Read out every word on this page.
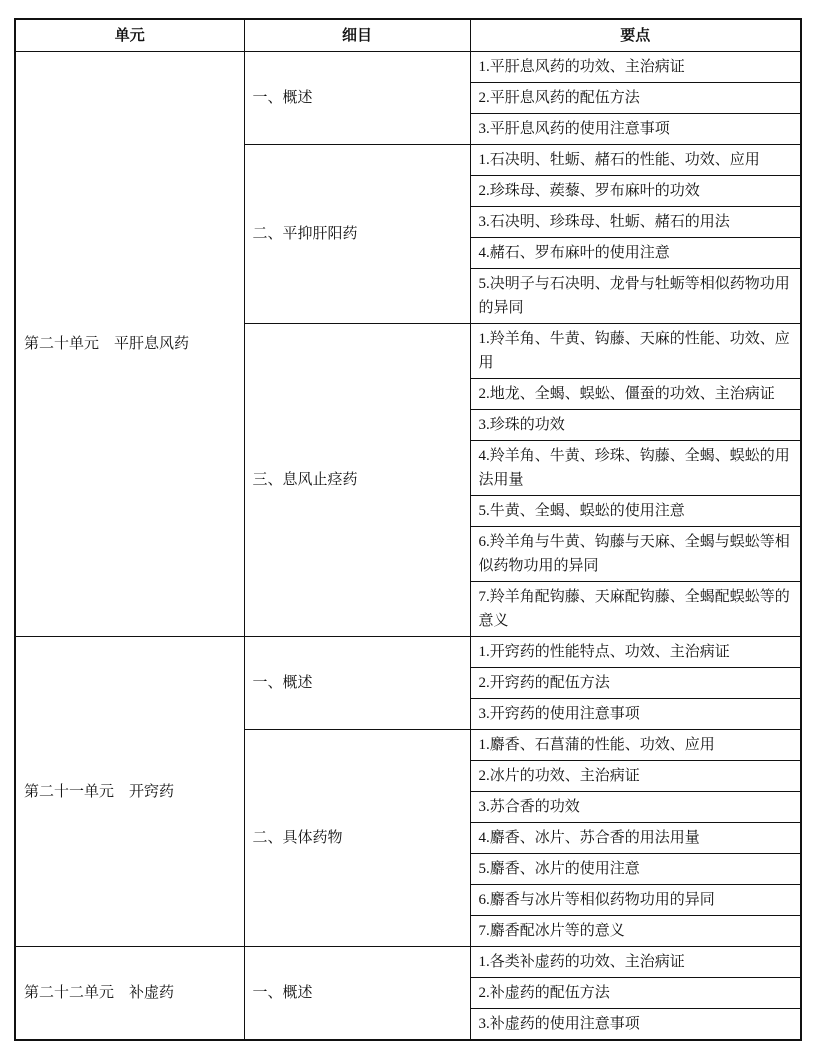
单元	细目	要点
第二十单元　平肝息风药	一、概述	1.平肝息风药的功效、主治病证
		2.平肝息风药的配伍方法
		3.平肝息风药的使用注意事项
	二、平抑肝阳药	1.石决明、牡蛎、赭石的性能、功效、应用
		2.珍珠母、蒺藜、罗布麻叶的功效
		3.石决明、珍珠母、牡蛎、赭石的用法
		4.赭石、罗布麻叶的使用注意
		5.决明子与石决明、龙骨与牡蛎等相似药物功用的异同
	三、息风止痉药	1.羚羊角、牛黄、钩藤、天麻的性能、功效、应用
		2.地龙、全蝎、蜈蚣、僵蚕的功效、主治病证
		3.珍珠的功效
		4.羚羊角、牛黄、珍珠、钩藤、全蝎、蜈蚣的用法用量
		5.牛黄、全蝎、蜈蚣的使用注意
		6.羚羊角与牛黄、钩藤与天麻、全蝎与蜈蚣等相似药物功用的异同
		7.羚羊角配钩藤、天麻配钩藤、全蝎配蜈蚣等的意义
第二十一单元　开窍药	一、概述	1.开窍药的性能特点、功效、主治病证
		2.开窍药的配伍方法
		3.开窍药的使用注意事项
	二、具体药物	1.麝香、石菖蒲的性能、功效、应用
		2.冰片的功效、主治病证
		3.苏合香的功效
		4.麝香、冰片、苏合香的用法用量
		5.麝香、冰片的使用注意
		6.麝香与冰片等相似药物功用的异同
		7.麝香配冰片等的意义
第二十二单元　补虚药	一、概述	1.各类补虚药的功效、主治病证
		2.补虚药的配伍方法
		3.补虚药的使用注意事项
